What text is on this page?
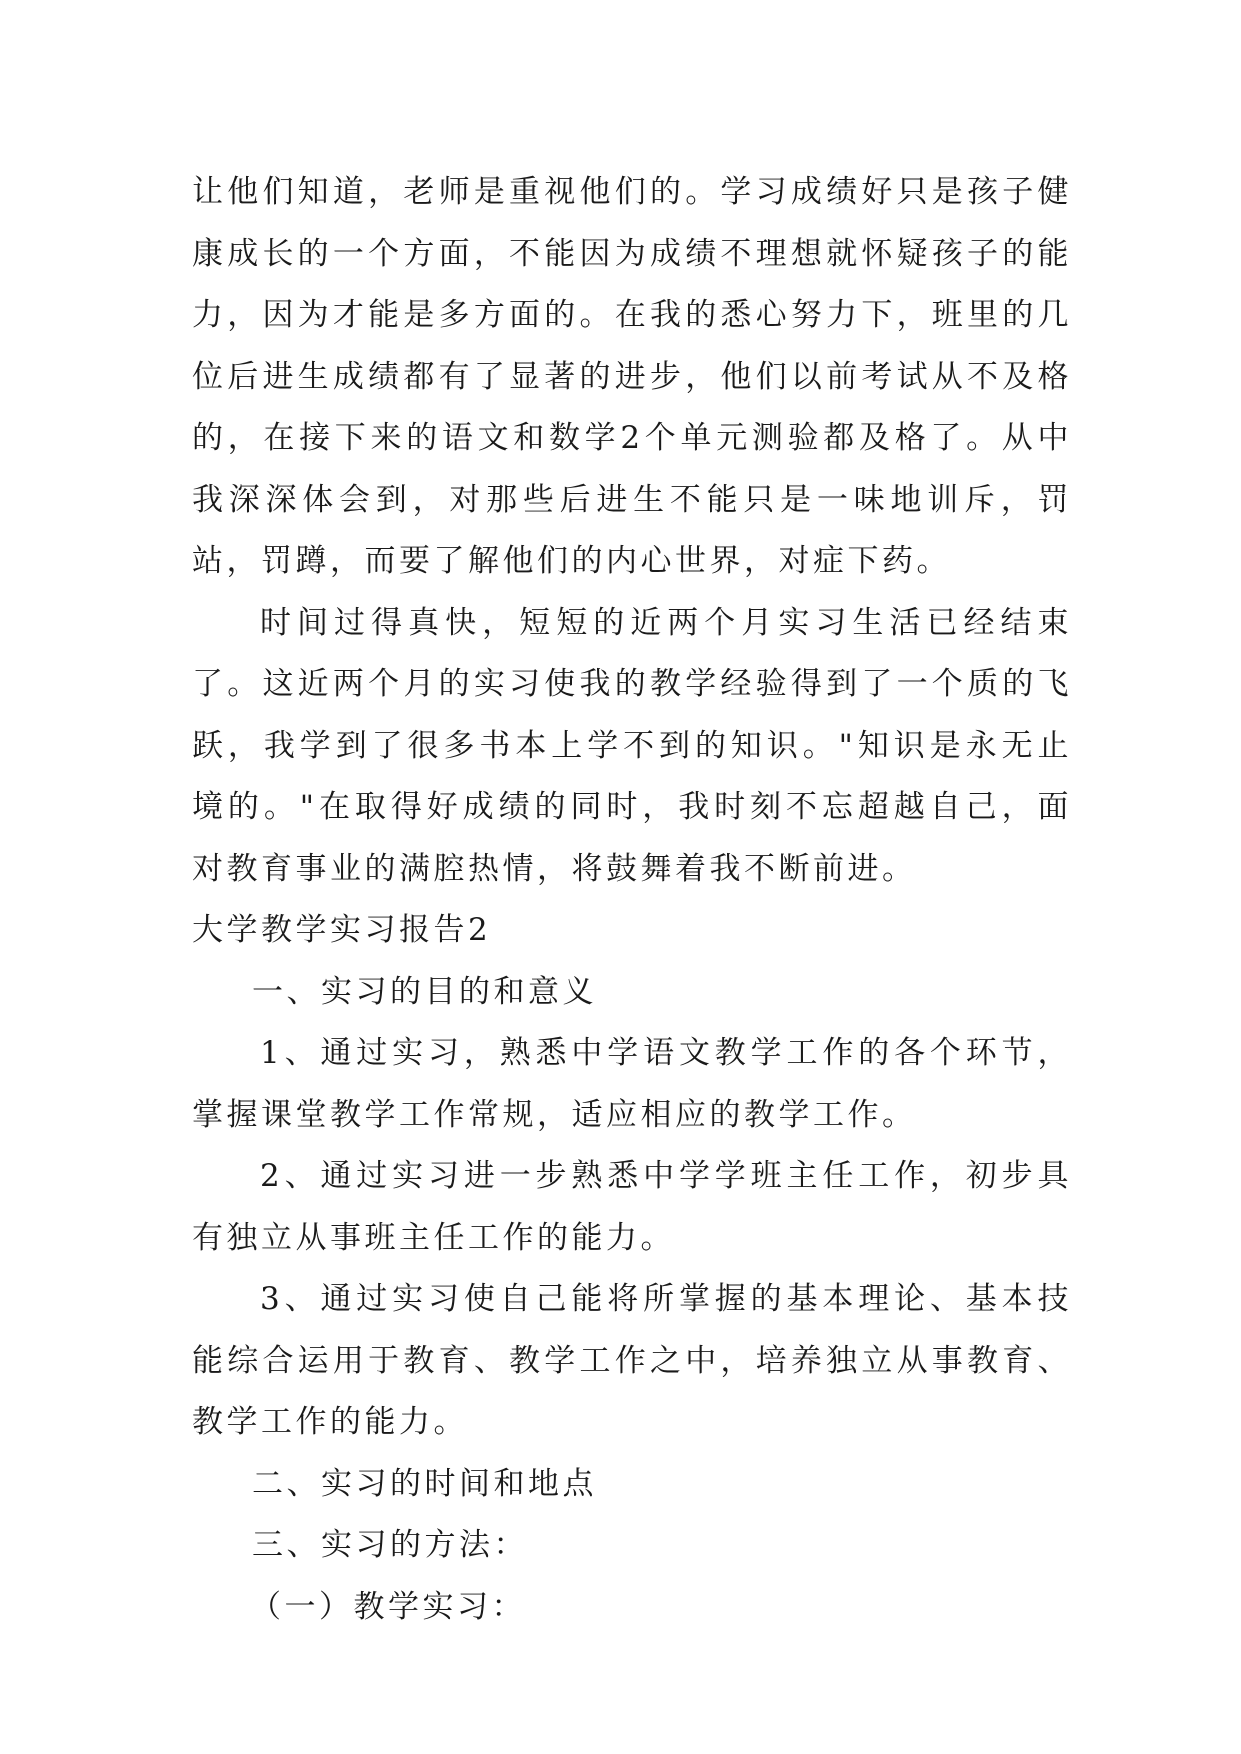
让他们知道，老师是重视他们的。学习成绩好只是孩子健康成长的一个方面，不能因为成绩不理想就怀疑孩子的能力，因为才能是多方面的。在我的悉心努力下，班里的几位后进生成绩都有了显著的进步，他们以前考试从不及格的，在接下来的语文和数学2个单元测验都及格了。从中我深深体会到，对那些后进生不能只是一味地训斥，罚站，罚蹲，而要了解他们的内心世界，对症下药。

时间过得真快，短短的近两个月实习生活已经结束了。这近两个月的实习使我的教学经验得到了一个质的飞跃，我学到了很多书本上学不到的知识。"知识是永无止境的。"在取得好成绩的同时，我时刻不忘超越自己，面对教育事业的满腔热情，将鼓舞着我不断前进。

大学教学实习报告2

一、实习的目的和意义

1、通过实习，熟悉中学语文教学工作的各个环节，掌握课堂教学工作常规，适应相应的教学工作。

2、通过实习进一步熟悉中学学班主任工作，初步具有独立从事班主任工作的能力。

3、通过实习使自己能将所掌握的基本理论、基本技能综合运用于教育、教学工作之中，培养独立从事教育、教学工作的能力。

二、实习的时间和地点

三、实习的方法：

（一）教学实习：
